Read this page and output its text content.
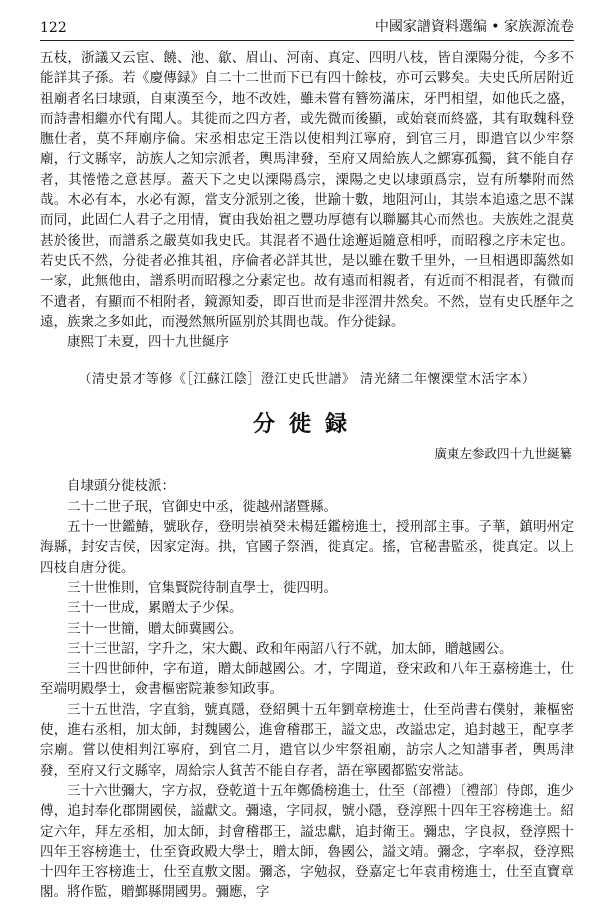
122	中國家譜資料選编 • 家族源流卷

五枝，浙議又云宦、饒、池、歙、眉山、河南、真定、四明八枝，皆自溧陽分徙，今多不能詳其子孫。若《慶傳録》自二十二世而下已有四十餘枝，亦可云夥矣。夫史氏所居附近祖廟者名曰埭頭，自東漢至今，地不改姓，雖未嘗有簪笏滿床，牙門相望，如他氏之盛，而詩書相繼亦代有聞人。其徙而之四方者，或先微而後顯，或始衰而終盛，其有取魏科登膴仕者，莫不拜廟序倫。宋丞相忠定王浩以使相判江寧府，到官三月，即遣官以少牢祭廟，行文縣宰，訪族人之知宗派者，輿馬津發，至府又周給族人之鰥寡孤獨，貧不能自存者，其惓惓之意甚厚。蓋天下之史以溧陽爲宗，溧陽之史以埭頭爲宗，豈有所攀附而然哉。木必有本，水必有源，當支分派别之後，世踰十數，地阻河山，其崇本追遠之思不謀而同，此固仁人君子之用情，實由我始祖之豐功厚德有以聯屬其心而然也。夫族姓之混莫甚於後世，而譜系之嚴莫如我史氏。其混者不過仕途邂逅隨意相呼，而昭穆之序未定也。若史氏不然，分徙者必推其祖，序倫者必詳其世，是以雖在數千里外，一旦相遇即藹然如一家，此無他由，譜系明而昭穆之分素定也。故有遠而相親者，有近而不相混者，有微而不遺者，有顯而不相附者，鏡源知委，即百世而是非涇渭井然矣。不然，豈有史氏歷年之遠，族衆之多如此，而漫然無所區别於其間也哉。作分徙録。

康熙丁未夏，四十九世綖序

（清史景才等修《［江蘇江陰］澄江史氏世譜》 清光緒二年懷溧堂木活字本）

分徙録

廣東左参政四十九世綖纂

自埭頭分徙枝派：

二十二世子珉，官御史中丞，徙越州諸暨縣。

五十一世鑑鰆，號耿存，登明崇禎癸未楊廷鑑榜進士，授刑部主事。子華，鎮明州定海縣，封安吉侯，因家定海。拱，官國子祭酒，徙真定。搖，官秘書監丞，徙真定。以上四枝自唐分徙。

三十世惟則，官集賢院待制直學士，徙四明。

三十一世成，累贈太子少保。

三十一世簡，贈太師冀國公。

三十三世詔，字升之，宋大觀、政和年兩詔八行不就，加太師，贈越國公。

三十四世師仲，字布道，贈太師越國公。才，字聞道，登宋政和八年王嘉榜進士，仕至端明殿學士，僉書樞密院兼参知政事。

三十五世浩，字直翁，號真隱，登紹興十五年劉章榜進士，仕至尚書右僕射，兼樞密使，進右丞相，加太師，封魏國公，進會稽郡王，謚文忠，改謚忠定，追封越王，配享孝宗廟。嘗以使相判江寧府，到官二月，遣官以少牢祭祖廟，訪宗人之知譜事者，輿馬津發，至府又行文縣宰，周給宗人貧苦不能自存者，語在寧國都監安常誌。

三十六世彌大，字方叔，登乾道十五年鄭僑榜進士，仕至（部禮）〔禮部〕侍郎，進少傅，追封奉化郡開國侯，謚獻文。彌遠，字同叔，號小隱，登淳熙十四年王容榜進士。紹定六年，拜左丞相，加太師，封會稽郡王，謚忠獻，追封衛王。彌忠，字良叔，登淳熙十四年王容榜進士，仕至資政殿大學士，贈太師，魯國公，謚文靖。彌念，字率叔，登淳熙十四年王容榜進士，仕至直敷文閣。彌忞，字勉叔，登嘉定七年袁甫榜進士，仕至直寶章閣。將作監，贈鄞縣開國男。彌應，字
